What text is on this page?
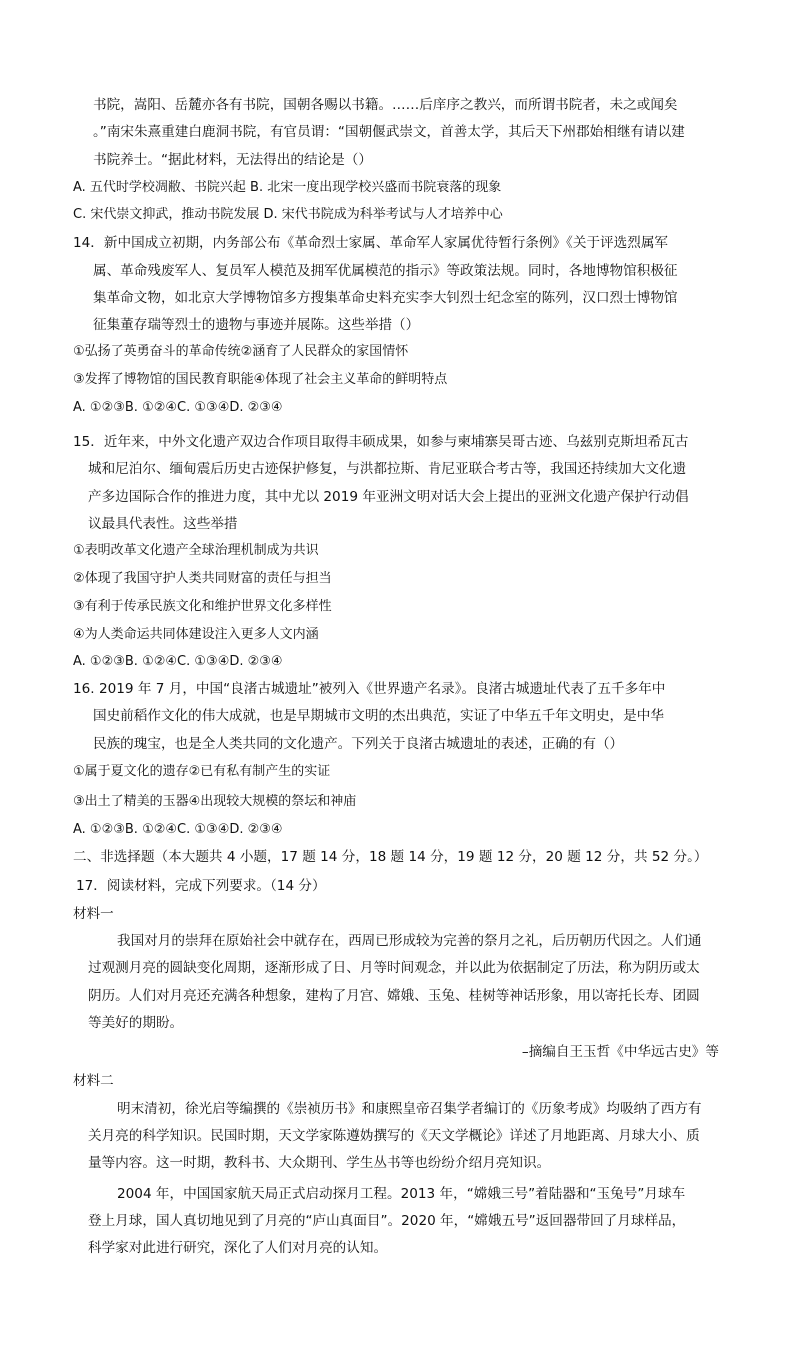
书院，嵩阳、岳麓亦各有书院，国朝各赐以书籍。……后庠序之教兴，而所谓书院者，未之或闻矣

。”南宋朱熹重建白鹿洞书院，有官员谓：“国朝偃武崇文，首善太学，其后天下州郡始相继有请以建

书院养士。“据此材料，无法得出的结论是（）

A. 五代时学校凋敝、书院兴起 B. 北宋一度出现学校兴盛而书院衰落的现象

C. 宋代崇文抑武，推动书院发展 D. 宋代书院成为科举考试与人才培养中心

14．新中国成立初期，内务部公布《革命烈士家属、革命军人家属优待暂行条例》《关于评选烈属军

属、革命残废军人、复员军人模范及拥军优属模范的指示》等政策法规。同时，各地博物馆积极征

集革命文物，如北京大学博物馆多方搜集革命史料充实李大钊烈士纪念室的陈列，汉口烈士博物馆

征集董存瑞等烈士的遗物与事迹并展陈。这些举措（）

①弘扬了英勇奋斗的革命传统②涵育了人民群众的家国情怀

③发挥了博物馆的国民教育职能④体现了社会主义革命的鲜明特点

A. ①②③B. ①②④C. ①③④D. ②③④

15．近年来，中外文化遗产双边合作项目取得丰硕成果，如参与柬埔寨吴哥古迹、乌兹别克斯坦希瓦古

城和尼泊尔、缅甸震后历史古迹保护修复，与洪都拉斯、肯尼亚联合考古等，我国还持续加大文化遗

产多边国际合作的推进力度，其中尤以 2019 年亚洲文明对话大会上提出的亚洲文化遗产保护行动倡

议最具代表性。这些举措

①表明改革文化遗产全球治理机制成为共识

②体现了我国守护人类共同财富的责任与担当

③有利于传承民族文化和维护世界文化多样性

④为人类命运共同体建设注入更多人文内涵

A. ①②③B. ①②④C. ①③④D. ②③④

16. 2019 年 7 月，中国“良渚古城遗址”被列入《世界遗产名录》。良渚古城遗址代表了五千多年中

国史前稻作文化的伟大成就，也是早期城市文明的杰出典范，实证了中华五千年文明史，是中华

民族的瑰宝，也是全人类共同的文化遗产。下列关于良渚古城遗址的表述，正确的有（）

①属于夏文化的遗存②已有私有制产生的实证

③出土了精美的玉器④出现较大规模的祭坛和神庙

A. ①②③B. ①②④C. ①③④D. ②③④

二、非选择题（本大题共 4 小题，17 题 14 分，18 题 14 分，19 题 12 分，20 题 12 分，共 52 分。）

17．阅读材料，完成下列要求。（14 分）

材料一

我国对月的崇拜在原始社会中就存在，西周已形成较为完善的祭月之礼，后历朝历代因之。人们通

过观测月亮的圆缺变化周期，逐渐形成了日、月等时间观念，并以此为依据制定了历法，称为阴历或太

阴历。人们对月亮还充满各种想象，建构了月宫、嫦娥、玉兔、桂树等神话形象，用以寄托长寿、团圆

等美好的期盼。

–摘编自王玉哲《中华远古史》等

材料二

明末清初，徐光启等编撰的《崇祯历书》和康熙皇帝召集学者编订的《历象考成》均吸纳了西方有

关月亮的科学知识。民国时期，天文学家陈遵妫撰写的《天文学概论》详述了月地距离、月球大小、质

量等内容。这一时期，教科书、大众期刊、学生丛书等也纷纷介绍月亮知识。

2004 年，中国国家航天局正式启动探月工程。2013 年，“嫦娥三号”着陆器和“玉兔号”月球车

登上月球，国人真切地见到了月亮的“庐山真面目”。2020 年，“嫦娥五号”返回器带回了月球样品，

科学家对此进行研究，深化了人们对月亮的认知。
